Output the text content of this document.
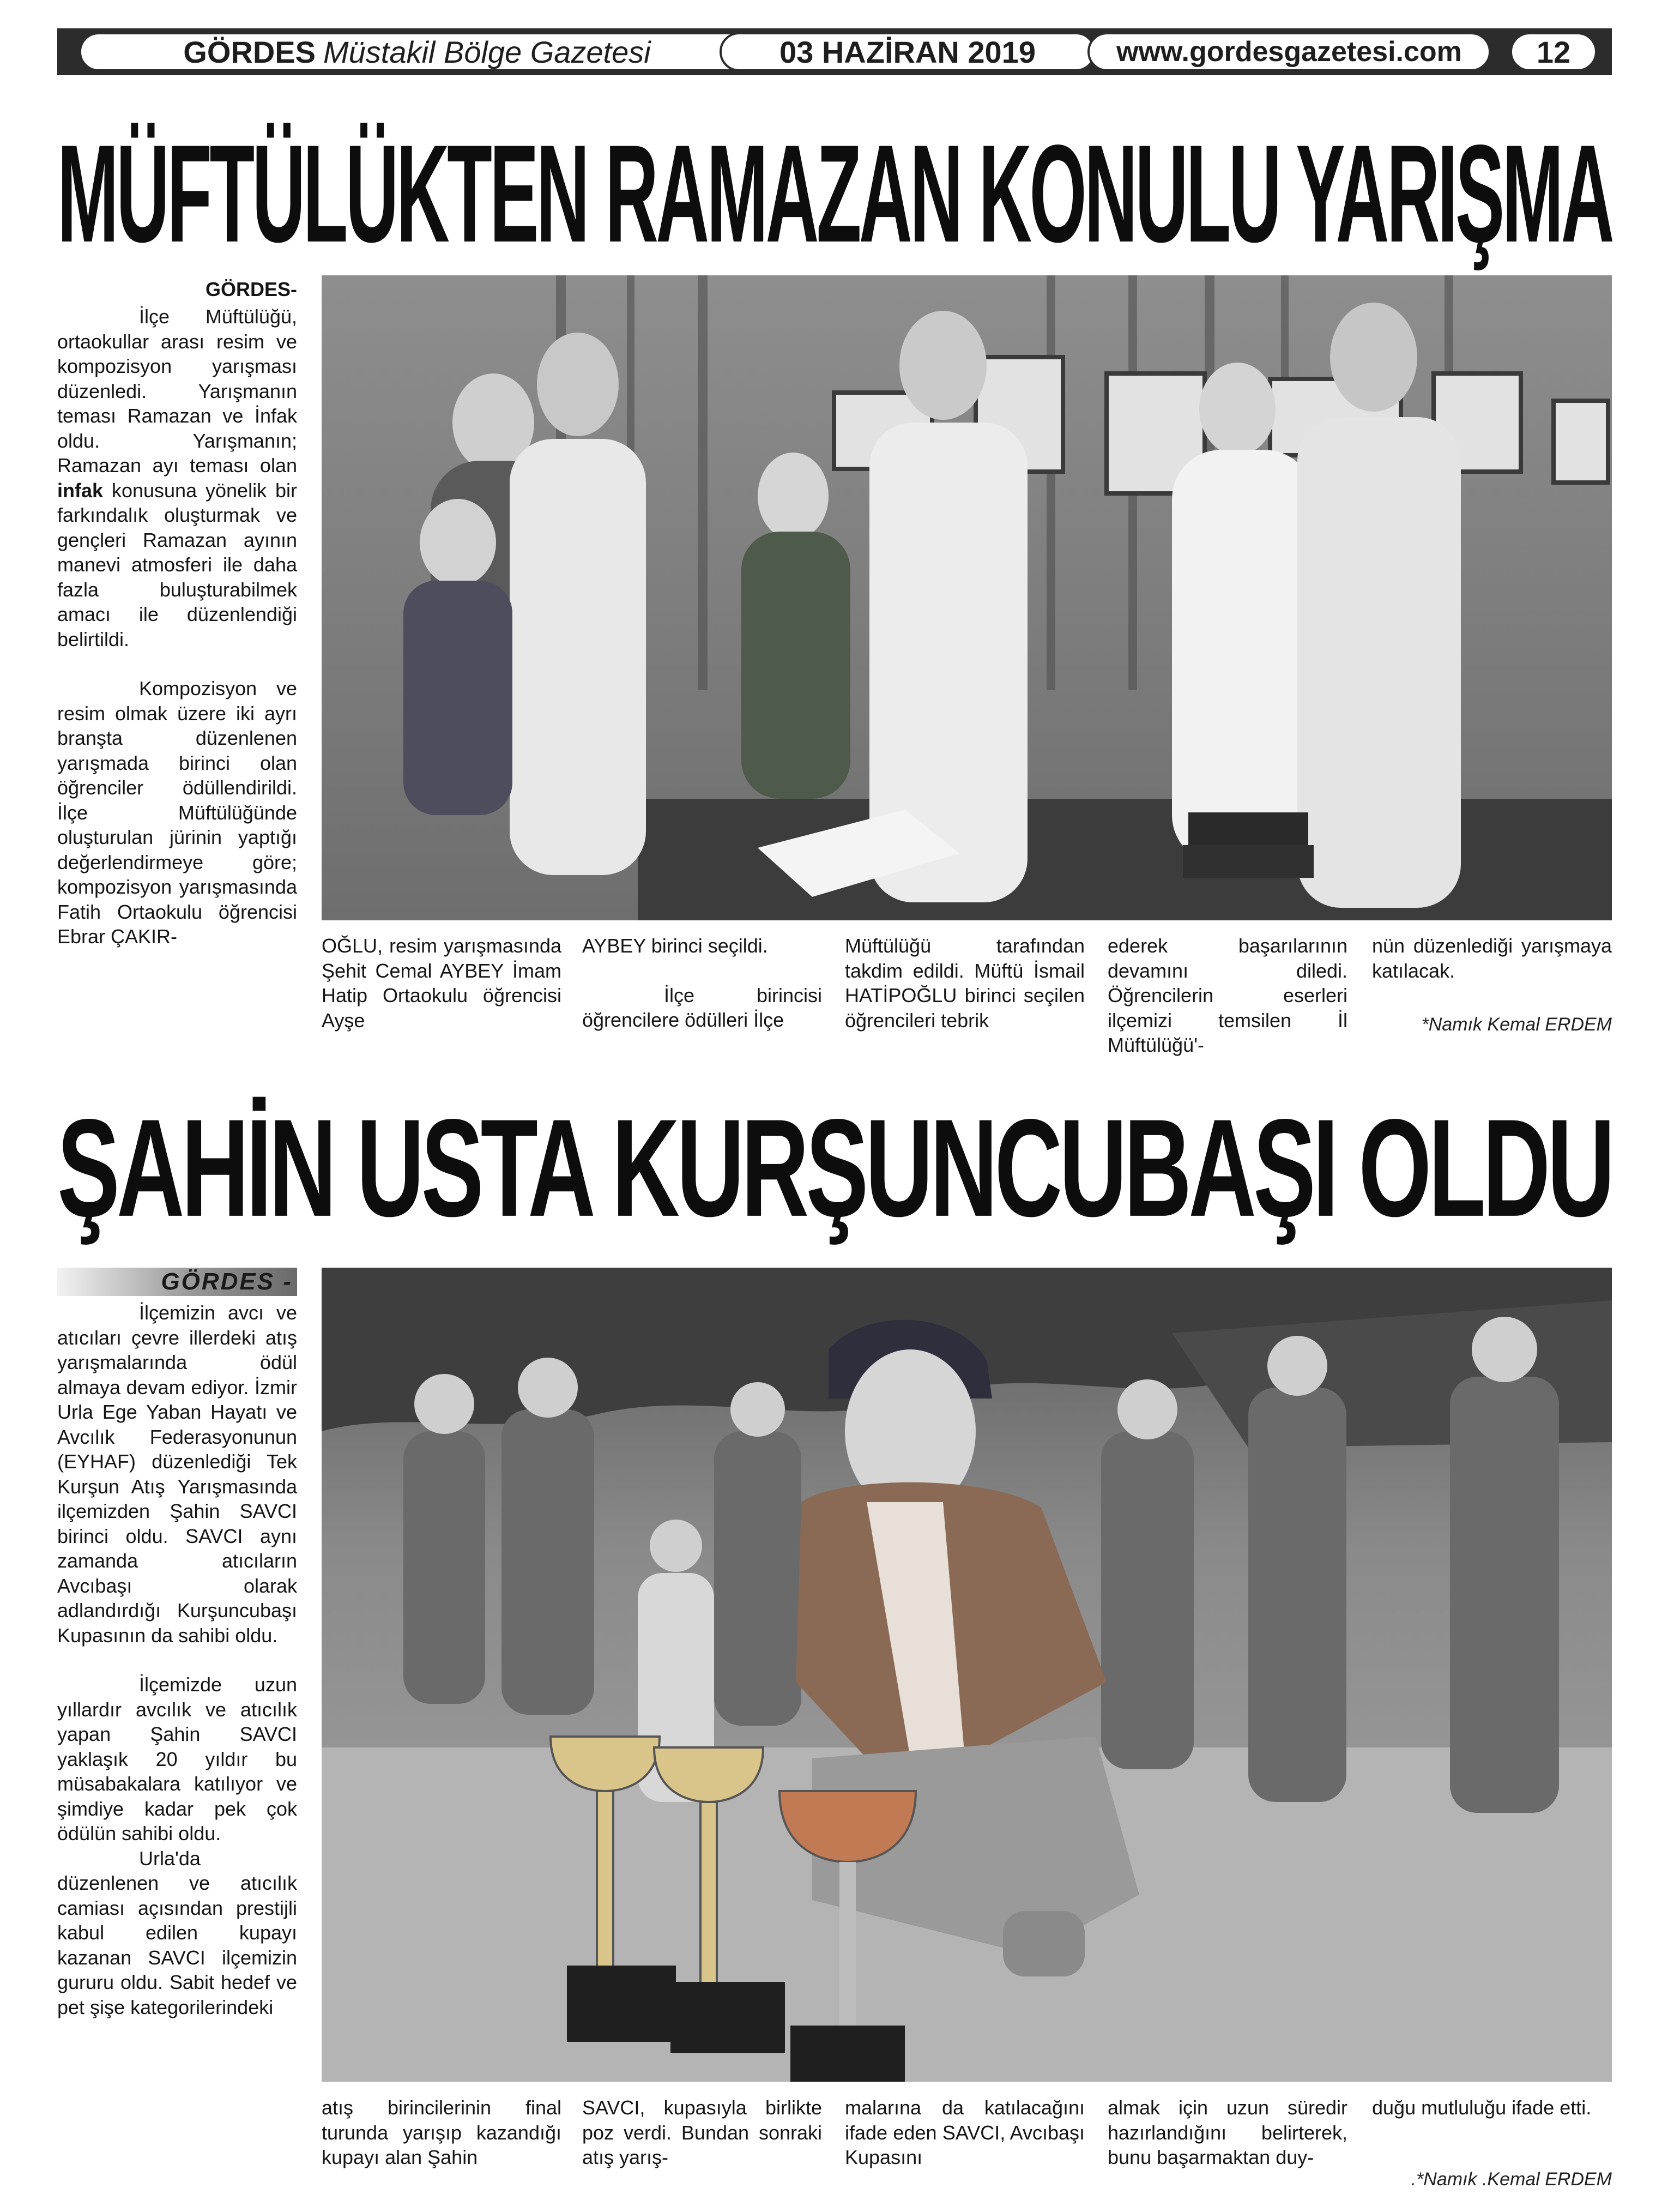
GÖRDES Müstakil Bölge Gazetesi	03 HAZİRAN 2019	www.gordesgazetesi.com 12
MÜFTÜLÜKTEN RAMAZAN KONULU YARIŞMA
GÖRDES-

İlçe Müftülüğü, ortaokullar arası resim ve kompozisyon yarışması düzenledi. Yarışmanın teması Ramazan ve İnfak oldu. Yarışmanın; Ramazan ayı teması olan infak konusuna yönelik bir farkındalık oluşturmak ve gençleri Ramazan ayının manevi atmosferi ile daha fazla buluşturabilmek amacı ile düzenlendiği belirtildi.

Kompozisyon ve resim olmak üzere iki ayrı branşta düzenlenen yarışmada birinci olan öğrenciler ödüllendirildi. İlçe Müftülüğünde oluşturulan jürinin yaptığı değerlendirmeye göre; kompozisyon yarışmasında Fatih Ortaokulu öğrencisi Ebrar ÇAKIR-	OĞLU, resim yarışmasında Şehit Cemal AYBEY İmam Hatip Ortaokulu öğrencisi Ayşe

AYBEY birinci seçildi.

İlçe birincisi öğrencilere ödülleri İlçe

Müftülüğü tarafından takdim edildi. Müftü İsmail HATİPOĞLU birinci seçilen öğrencileri tebrik

ederek başarılarının devamını diledi. Öğrencilerin eserleri ilçemizi temsilen İl Müftülüğü'-

nün düzenlediği yarışmaya katılacak.

*Namık Kemal ERDEM
ŞAHİN USTA KURŞUNCUBAŞI OLDU
GÖRDES -

İlçemizin avcı ve atıcıları çevre illerdeki atış yarışmalarında ödül almaya devam ediyor. İzmir Urla Ege Yaban Hayatı ve Avcılık Federasyonunun (EYHAF) düzenlediği Tek Kurşun Atış Yarışmasında ilçemizden Şahin SAVCI birinci oldu. SAVCI aynı zamanda atıcıların Avcıbaşı olarak adlandırdığı Kurşuncubaşı Kupasının da sahibi oldu.

İlçemizde uzun yıllardır avcılık ve atıcılık yapan Şahin SAVCI yaklaşık 20 yıldır bu müsabakalara katılıyor ve şimdiye kadar pek çok ödülün sahibi oldu.

Urla'da düzenlenen ve atıcılık camiası açısından prestijli kabul edilen kupayı kazanan SAVCI ilçemizin gururu oldu. Sabit hedef ve pet şişe kategorilerindeki

atış birincilerinin final turunda yarışıp kazandığı kupayı alan Şahin

SAVCI, kupasıyla birlikte poz verdi. Bundan sonraki atış yarış-

malarına da katılacağını ifade eden SAVCI, Avcıbaşı Kupasını

almak için uzun süredir hazırlandığını belirterek, bunu başarmaktan duy-

duğu mutluluğu ifade etti.

.*Namık .Kemal ERDEM
